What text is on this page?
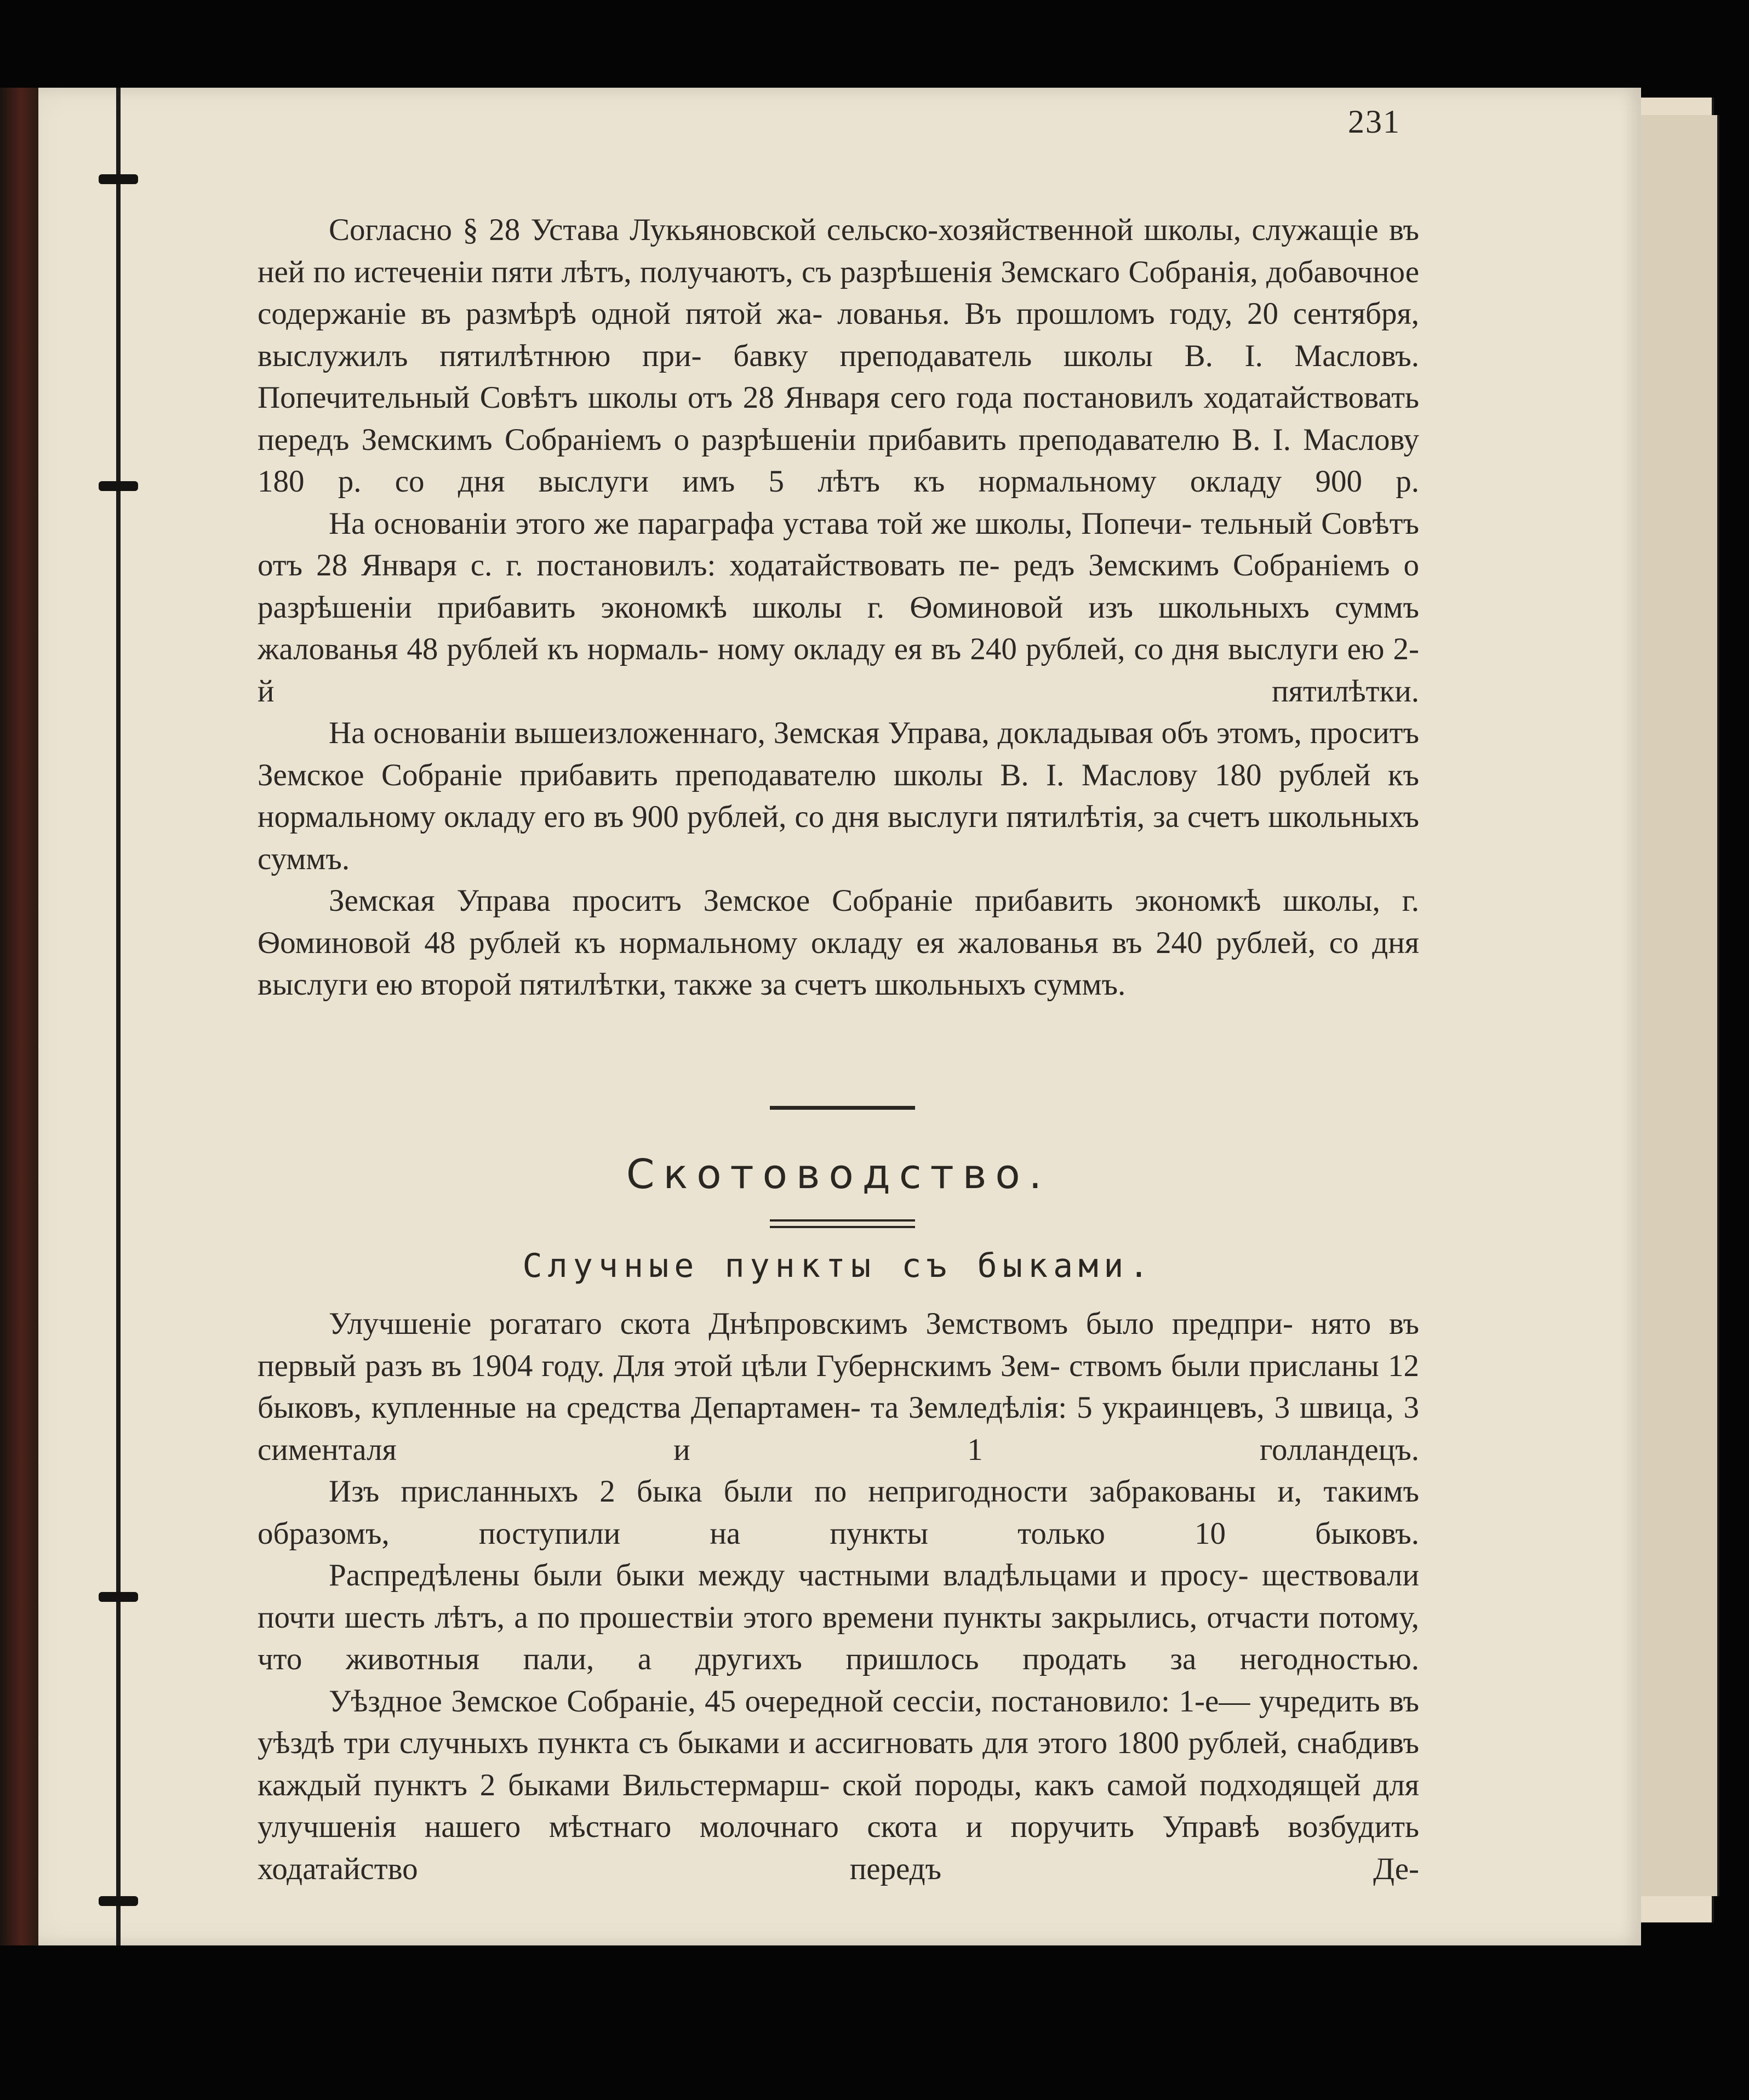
231

Согласно § 28 Устава Лукьяновской сельско-хозяйственной школы, служащіе въ ней по истеченіи пяти лѣтъ, получаютъ, съ разрѣшенія Земскаго Собранія, добавочное содержаніе въ размѣрѣ одной пятой жа- лованья. Въ прошломъ году, 20 сентября, выслужилъ пятилѣтнюю при- бавку преподаватель школы В. І. Масловъ. Попечительный Совѣтъ школы отъ 28 Января сего года постановилъ ходатайствовать передъ Земскимъ Собраніемъ о разрѣшеніи прибавить преподавателю В. І. Маслову 180 р. со дня выслуги имъ 5 лѣтъ къ нормальному окладу 900 р.

На основаніи этого же параграфа устава той же школы, Попечи- тельный Совѣтъ отъ 28 Января с. г. постановилъ: ходатайствовать пе- редъ Земскимъ Собраніемъ о разрѣшеніи прибавить экономкѣ школы г. Ѳоминовой изъ школьныхъ суммъ жалованья 48 рублей къ нормаль- ному окладу ея въ 240 рублей, со дня выслуги ею 2-й пятилѣтки.

На основаніи вышеизложеннаго, Земская Управа, докладывая объ этомъ, проситъ Земское Собраніе прибавить преподавателю школы В. І. Маслову 180 рублей къ нормальному окладу его въ 900 рублей, со дня выслуги пятилѣтія, за счетъ школьныхъ суммъ.

Земская Управа проситъ Земское Собраніе прибавить экономкѣ школы, г. Ѳоминовой 48 рублей къ нормальному окладу ея жалованья въ 240 рублей, со дня выслуги ею второй пятилѣтки, также за счетъ школьныхъ суммъ.

Скотоводство.
Случные пункты съ быками.

Улучшеніе рогатаго скота Днѣпровскимъ Земствомъ было предпри- нято въ первый разъ въ 1904 году. Для этой цѣли Губернскимъ Зем- ствомъ были присланы 12 быковъ, купленные на средства Департамен- та Земледѣлія: 5 украинцевъ, 3 швица, 3 сименталя и 1 голландецъ.

Изъ присланныхъ 2 быка были по непригодности забракованы и, такимъ образомъ, поступили на пункты только 10 быковъ.

Распредѣлены были быки между частными владѣльцами и просу- ществовали почти шесть лѣтъ, а по прошествіи этого времени пункты закрылись, отчасти потому, что животныя пали, а другихъ пришлось продать за негодностью.

Уѣздное Земское Собраніе, 45 очередной сессіи, постановило: 1-е— учредить въ уѣздѣ три случныхъ пункта съ быками и ассигновать для этого 1800 рублей, снабдивъ каждый пунктъ 2 быками Вильстермарш- ской породы, какъ самой подходящей для улучшенія нашего мѣстнаго молочнаго скота и поручить Управѣ возбудить ходатайство передъ Де-
